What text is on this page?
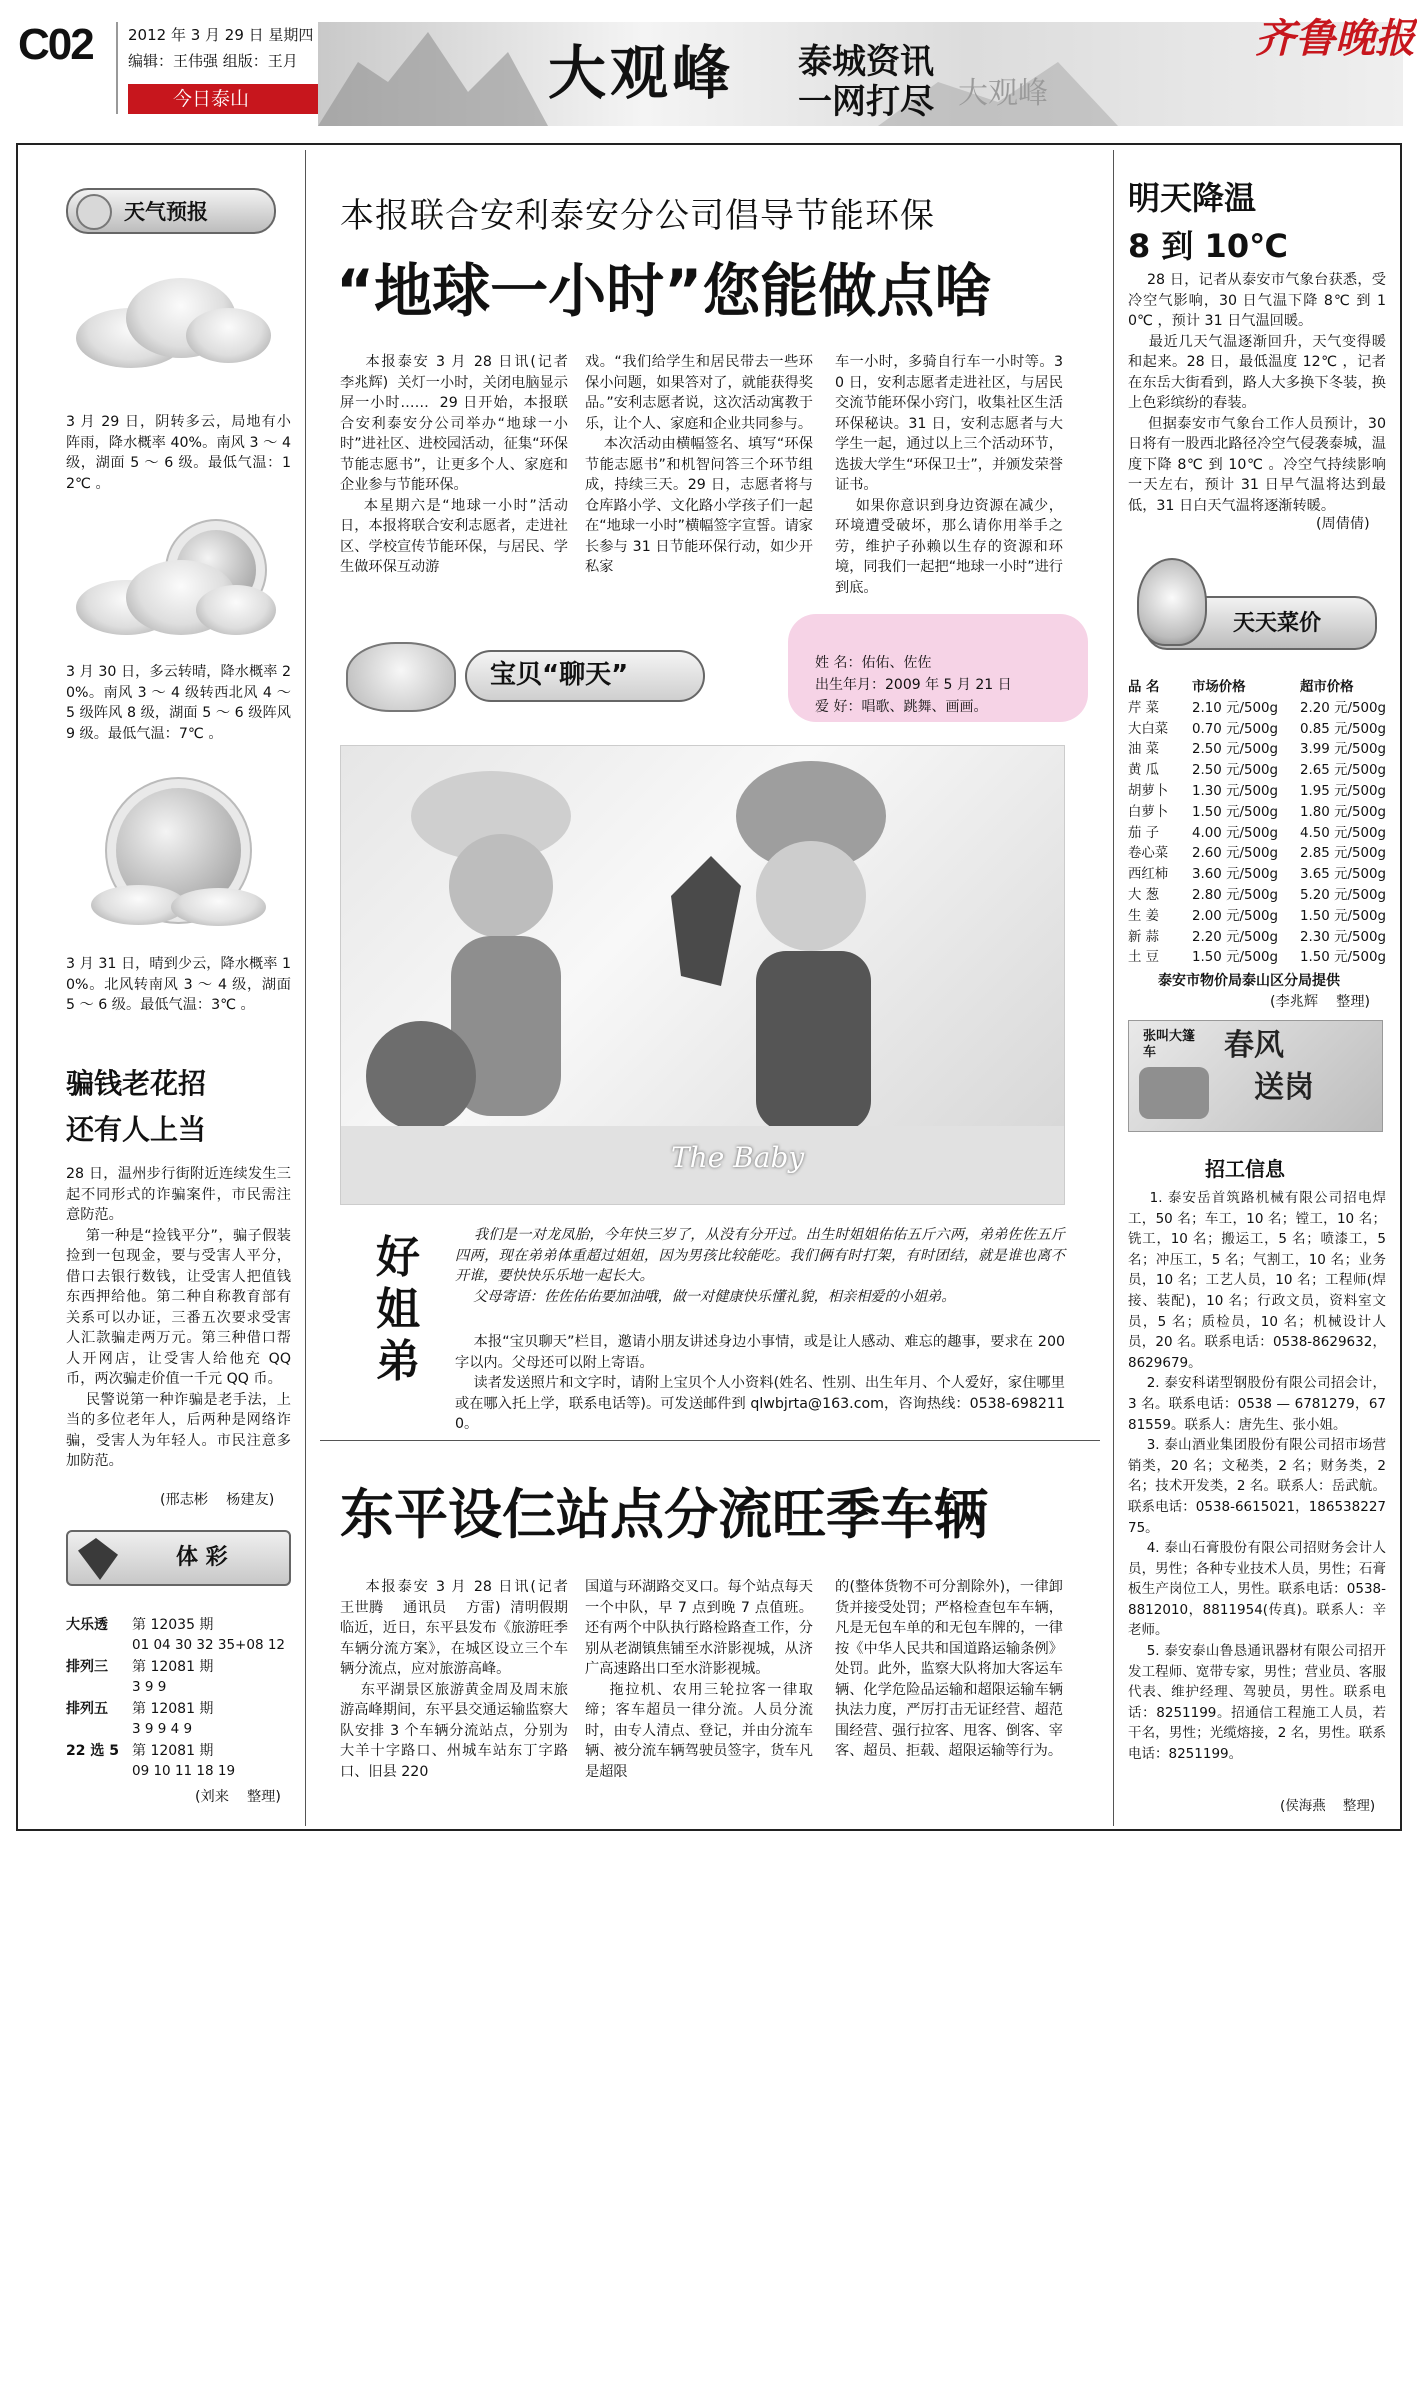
C02 2012 年 3 月 29 日 星期四
编辑：王伟强 组版：王月
今日泰山	大观峰 泰城资讯
一网打尽 大观峰
齐鲁晚报
天气预报
3 月 29 日，阴转多云，局地有小阵雨，降水概率 40%。南风 3 ～ 4 级，湖面 5 ～ 6 级。最低气温：12℃ 。
3 月 30 日，多云转晴，降水概率 20%。南风 3 ～ 4 级转西北风 4 ～ 5 级阵风 8 级，湖面 5 ～ 6 级阵风 9 级。最低气温：7℃ 。
3 月 31 日，晴到少云，降水概率 10%。北风转南风 3 ～ 4 级，湖面 5 ～ 6 级。最低气温：3℃ 。
骗钱老花招
还有人上当
28 日，温州步行街附近连续发生三起不同形式的诈骗案件，市民需注意防范。
第一种是“捡钱平分”，骗子假装捡到一包现金，要与受害人平分，借口去银行数钱，让受害人把值钱东西押给他。第二种自称教育部有关系可以办证，三番五次要求受害人汇款骗走两万元。第三种借口帮人开网店，让受害人给他充 QQ 币，两次骗走价值一千元 QQ 币。
民警说第一种诈骗是老手法，上当的多位老年人，后两种是网络诈骗，受害人为年轻人。市民注意多加防范。
(邢志彬    杨建友)
体 彩
大乐透 第 12035 期
01 04 30 32 35+08 12
排列三 第 12081 期
3 9 9
排列五 第 12081 期
3 9 9 4 9
22 选 5 第 12081 期
09 10 11 18 19
(刘来    整理)
本报联合安利泰安分公司倡导节能环保
“地球一小时”您能做点啥
本报泰安 3 月 28 日讯(记者    李兆辉)  关灯一小时，关闭电脑显示屏一小时……  29 日开始，本报联合安利泰安分公司举办“地球一小时”进社区、进校园活动，征集“环保节能志愿书”，让更多个人、家庭和企业参与节能环保。
本星期六是“地球一小时”活动日，本报将联合安利志愿者，走进社区、学校宣传节能环保，与居民、学生做环保互动游
戏。“我们给学生和居民带去一些环保小问题，如果答对了，就能获得奖品。”安利志愿者说，这次活动寓教于乐，让个人、家庭和企业共同参与。
本次活动由横幅签名、填写“环保节能志愿书”和机智问答三个环节组成，持续三天。29 日，志愿者将与仓库路小学、文化路小学孩子们一起在“地球一小时”横幅签字宣誓。请家长参与 31 日节能环保行动，如少开私家
车一小时，多骑自行车一小时等。30 日，安利志愿者走进社区，与居民交流节能环保小窍门，收集社区生活环保秘诀。31 日，安利志愿者与大学生一起，通过以上三个活动环节，选拔大学生“环保卫士”，并颁发荣誉证书。
如果你意识到身边资源在减少，环境遭受破坏，那么请你用举手之劳，维护子孙赖以生存的资源和环境，同我们一起把“地球一小时”进行到底。
宝贝“聊天”	姓 名：佑佑、佐佐
出生年月：2009 年 5 月 21 日
爱 好：唱歌、跳舞、画画。
The Baby
好姐弟
我们是一对龙凤胎，今年快三岁了，从没有分开过。出生时姐姐佑佑五斤六两，弟弟佐佐五斤四两，现在弟弟体重超过姐姐，因为男孩比较能吃。我们俩有时打架，有时团结，就是谁也离不开谁，要快快乐乐地一起长大。
父母寄语：佐佐佑佑要加油哦，做一对健康快乐懂礼貌，相亲相爱的小姐弟。
本报“宝贝聊天”栏目，邀请小朋友讲述身边小事情，或是让人感动、难忘的趣事，要求在 200 字以内。父母还可以附上寄语。
读者发送照片和文字时，请附上宝贝个人小资料(姓名、性别、出生年月、个人爱好，家住哪里或在哪入托上学，联系电话等)。可发送邮件到 qlwbjrta@163.com，咨询热线：0538-6982110。
东平设仨站点分流旺季车辆
本报泰安 3 月 28 日讯(记者    王世腾    通讯员    方雷)  清明假期临近，近日，东平县发布《旅游旺季车辆分流方案》，在城区设立三个车辆分流点，应对旅游高峰。
东平湖景区旅游黄金周及周末旅游高峰期间，东平县交通运输监察大队安排 3 个车辆分流站点，分别为大羊十字路口、州城车站东丁字路口、旧县 220
国道与环湖路交叉口。每个站点每天一个中队，早 7 点到晚 7 点值班。还有两个中队执行路检路查工作，分别从老湖镇焦铺至水浒影视城，从济广高速路出口至水浒影视城。
拖拉机、农用三轮拉客一律取缔；客车超员一律分流。人员分流时，由专人清点、登记，并由分流车辆、被分流车辆驾驶员签字，货车凡是超限
的(整体货物不可分割除外)，一律卸货并接受处罚；严格检查包车车辆，凡是无包车单的和无包车牌的，一律按《中华人民共和国道路运输条例》处罚。此外，监察大队将加大客运车辆、化学危险品运输和超限运输车辆执法力度，严厉打击无证经营、超范围经营、强行拉客、甩客、倒客、宰客、超员、拒载、超限运输等行为。
明天降温
8 到 10℃
28 日，记者从泰安市气象台获悉，受冷空气影响，30 日气温下降 8℃ 到 10℃ ，预计 31 日气温回暖。
最近几天气温逐渐回升，天气变得暖和起来。28 日，最低温度 12℃ ，记者在东岳大街看到，路人大多换下冬装，换上色彩缤纷的春装。
但据泰安市气象台工作人员预计，30 日将有一股西北路径冷空气侵袭泰城，温度下降 8℃ 到 10℃ 。冷空气持续影响一天左右，预计 31 日早气温将达到最低，31 日白天气温将逐渐转暖。
(周倩倩)
天天菜价
品 名	市场价格	超市价格
芹 菜	2.10 元/500g	2.20 元/500g
大白菜	0.70 元/500g	0.85 元/500g
油 菜	2.50 元/500g	3.99 元/500g
黄 瓜	2.50 元/500g	2.65 元/500g
胡萝卜	1.30 元/500g	1.95 元/500g
白萝卜	1.50 元/500g	1.80 元/500g
茄 子	4.00 元/500g	4.50 元/500g
卷心菜	2.60 元/500g	2.85 元/500g
西红柿	3.60 元/500g	3.65 元/500g
大 葱	2.80 元/500g	5.20 元/500g
生 姜	2.00 元/500g	1.50 元/500g
新 蒜	2.20 元/500g	2.30 元/500g
土 豆	1.50 元/500g	1.50 元/500g
泰安市物价局泰山区分局提供
(李兆辉    整理)
张叫大篷车	春风
送岗
招工信息
1. 泰安岳首筑路机械有限公司招电焊工，50 名；车工，10 名；镗工，10 名；铣工，10 名；搬运工，5 名；喷漆工，5 名；冲压工，5 名；气割工，10 名；业务员，10 名；工艺人员，10 名；工程师(焊接、装配)，10 名；行政文员，资料室文员，5 名；质检员，10 名；机械设计人员，20 名。联系电话：0538-8629632，8629679。
2. 泰安科诺型钢股份有限公司招会计，3 名。联系电话：0538 — 6781279，6781559。联系人：唐先生、张小姐。
3. 泰山酒业集团股份有限公司招市场营销类，20 名；文秘类，2 名；财务类，2 名；技术开发类，2 名。联系人：岳武航。联系电话：0538-6615021，18653822775。
4. 泰山石膏股份有限公司招财务会计人员，男性；各种专业技术人员，男性；石膏板生产岗位工人，男性。联系电话：0538-8812010，8811954(传真)。联系人：辛老师。
5. 泰安泰山鲁恳通讯器材有限公司招开发工程师、宽带专家，男性；营业员、客服代表、维护经理、驾驶员，男性。联系电话：8251199。招通信工程施工人员，若干名，男性；光缆熔接，2 名，男性。联系电话：8251199。
(侯海燕    整理)
